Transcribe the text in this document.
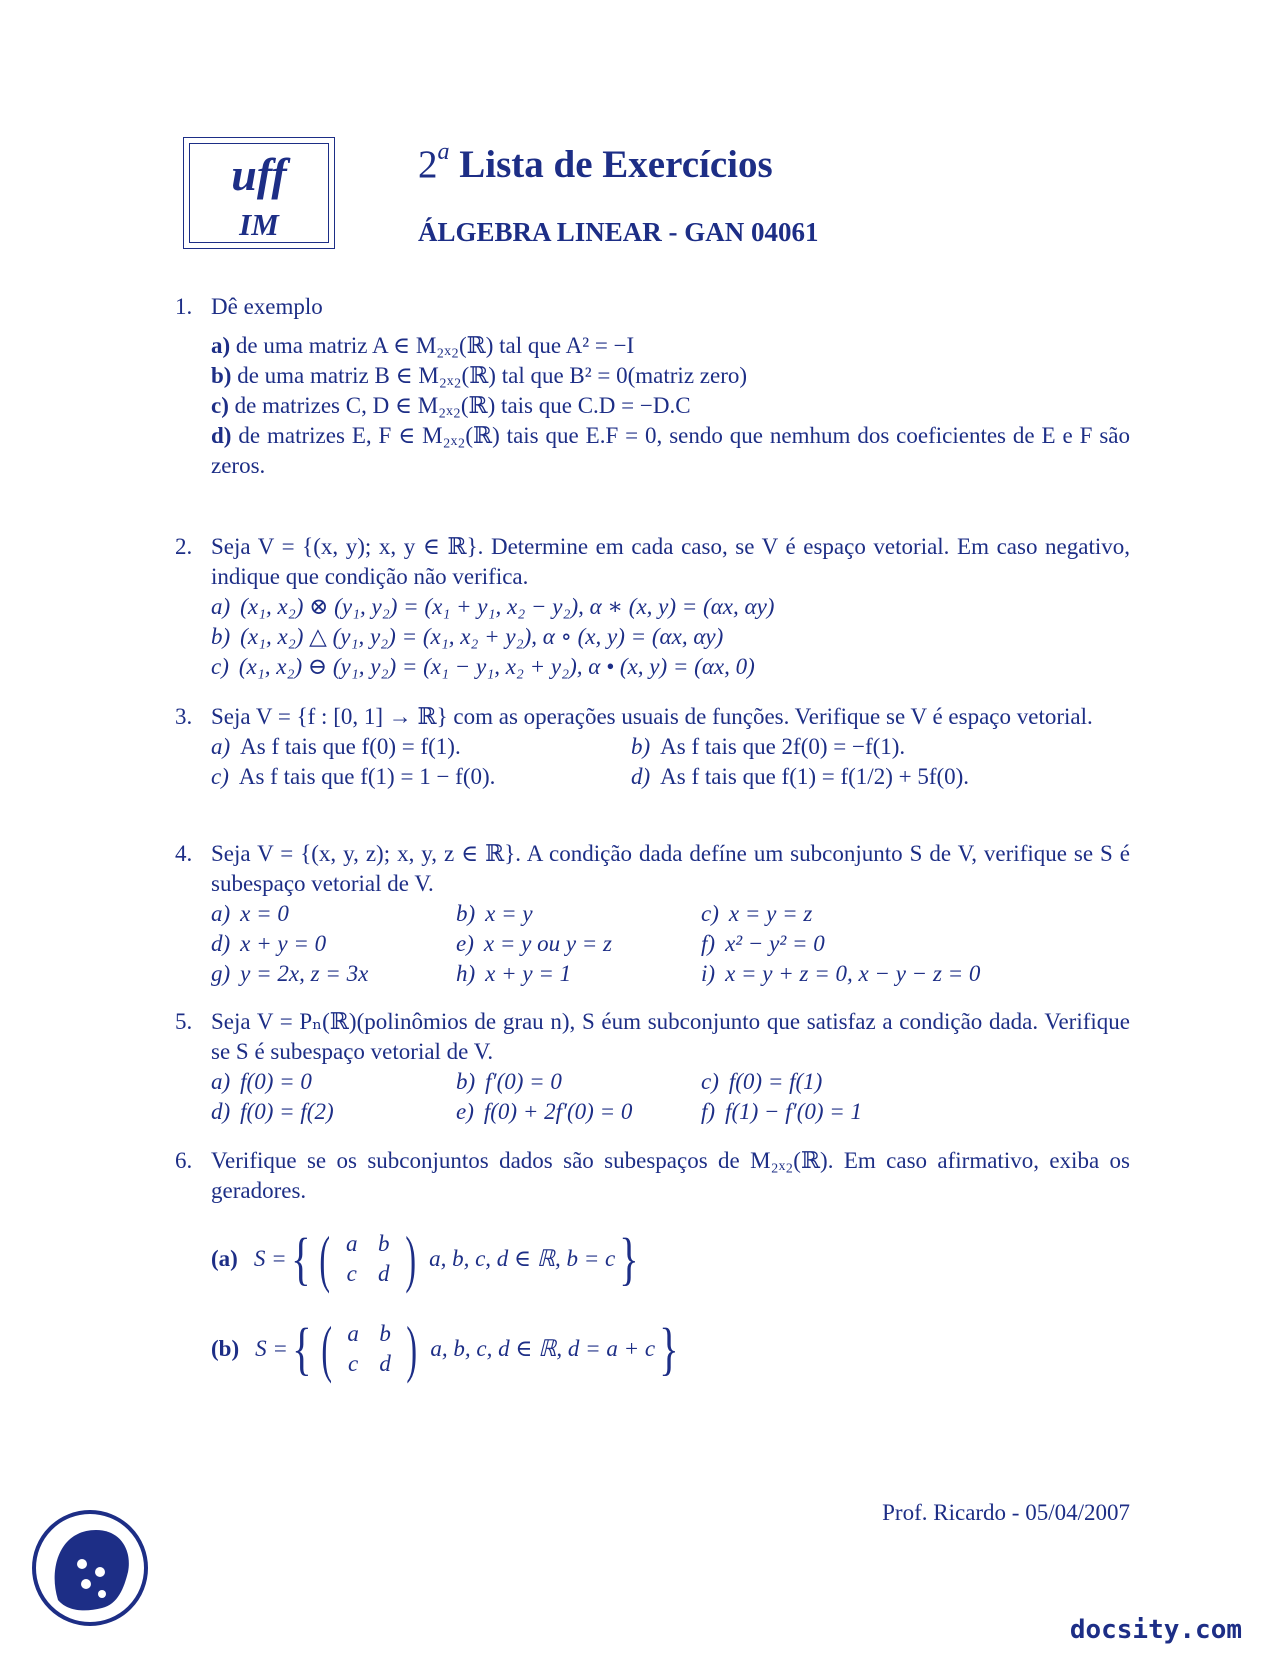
uff
IM
2$^a$ Lista de Exercícios
ÁLGEBRA LINEAR - GAN 04061
1. Dê exemplo
a) de uma matriz A ∈ M₂ₓ₂(ℝ) tal que A² = −I
b) de uma matriz B ∈ M₂ₓ₂(ℝ) tal que B² = 0(matriz zero)
c) de matrizes C, D ∈ M₂ₓ₂(ℝ) tais que C.D = −D.C
d) de matrizes E, F ∈ M₂ₓ₂(ℝ) tais que E.F = 0, sendo que nemhum dos coeficientes de E e F são zeros.
2. Seja V = {(x, y); x, y ∈ ℝ}. Determine em cada caso, se V é espaço vetorial. Em caso negativo, indique que condição não verifica.
a) (x₁, x₂) ⊗ (y₁, y₂) = (x₁ + y₁, x₂ − y₂), α ∗ (x, y) = (αx, αy)
b) (x₁, x₂) △ (y₁, y₂) = (x₁, x₂ + y₂), α ∘ (x, y) = (αx, αy)
c) (x₁, x₂) ⊖ (y₁, y₂) = (x₁ − y₁, x₂ + y₂), α • (x, y) = (αx, 0)
3. Seja V = {f : [0, 1] → ℝ} com as operações usuais de funções. Verifique se V é espaço vetorial.
a) As f tais que f(0) = f(1).	b) As f tais que 2f(0) = −f(1).
c) As f tais que f(1) = 1 − f(0).	d) As f tais que f(1) = f(1/2) + 5f(0).
4. Seja V = {(x, y, z); x, y, z ∈ ℝ}. A condição dada defíne um subconjunto S de V, verifique se S é subespaço vetorial de V.
a) x = 0	b) x = y	c) x = y = z
d) x + y = 0	e) x = y ou y = z	f) x² − y² = 0
g) y = 2x, z = 3x	h) x + y = 1	i) x = y + z = 0, x − y − z = 0
5. Seja V = Pₙ(ℝ)(polinômios de grau n), S éum subconjunto que satisfaz a condição dada. Verifique se S é subespaço vetorial de V.
a) f(0) = 0	b) f′(0) = 0	c) f(0) = f(1)
d) f(0) = f(2)	e) f(0) + 2f′(0) = 0	f) f(1) − f′(0) = 1
6. Verifique se os subconjuntos dados são subespaços de M₂ₓ₂(ℝ). Em caso afirmativo, exiba os geradores.
(a) S = { ( a b
c d ) a, b, c, d ∈ ℝ, b = c }
(b) S = { ( a b
c d ) a, b, c, d ∈ ℝ, d = a + c }
Prof. Ricardo - 05/04/2007
docsity.com
